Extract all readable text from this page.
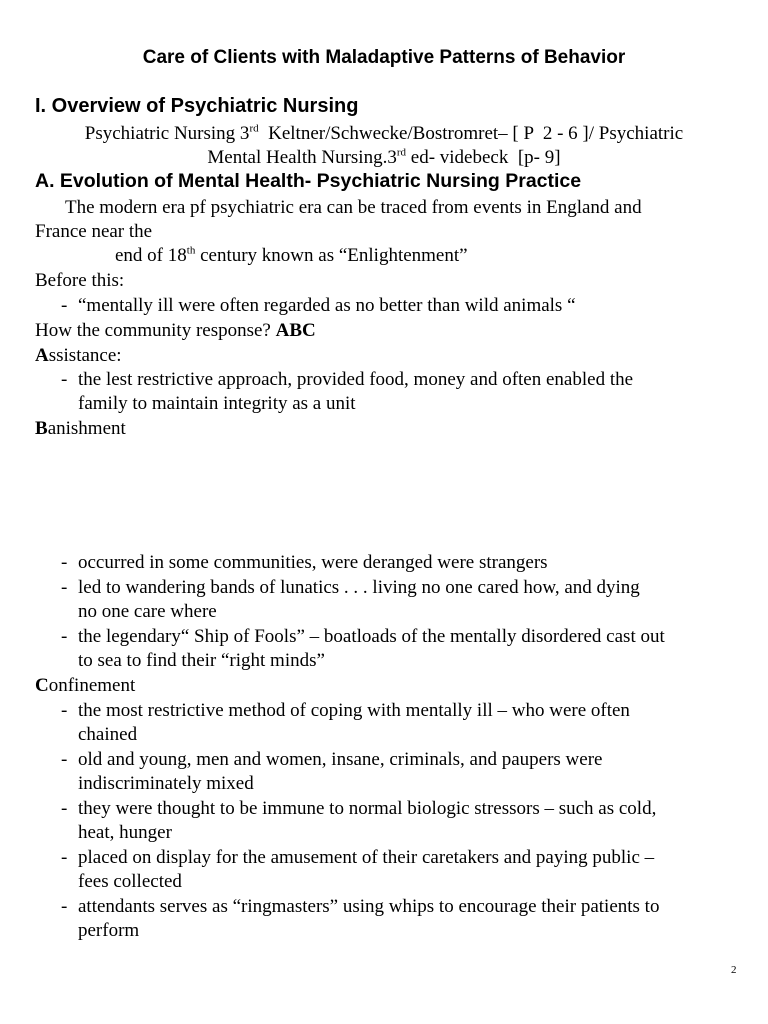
Care of Clients with Maladaptive Patterns of Behavior
I. Overview of Psychiatric Nursing
Psychiatric Nursing 3rd  Keltner/Schwecke/Bostromret– [ P  2 - 6 ]/ Psychiatric
Mental Health Nursing.3rd ed- videbeck  [p- 9]
A. Evolution of Mental Health- Psychiatric Nursing Practice
The modern era pf psychiatric era can be traced from events in England and
France near the
end of 18th century known as “Enlightenment”
Before this:
- “mentally ill were often regarded as no better than wild animals “
How the community response? ABC
Assistance:
- the lest restrictive approach, provided food, money and often enabled the
family to maintain integrity as a unit
Banishment
- occurred in some communities, were deranged were strangers
- led to wandering bands of lunatics . . . living no one cared how, and dying
no one care where
- the legendary“ Ship of Fools” – boatloads of the mentally disordered cast out
to sea to find their “right minds”
Confinement
- the most restrictive method of coping with mentally ill – who were often
chained
- old and young, men and women, insane, criminals, and paupers were
indiscriminately mixed
- they were thought to be immune to normal biologic stressors – such as cold,
heat, hunger
- placed on display for the amusement of their caretakers and paying public –
fees collected
- attendants serves as “ringmasters” using whips to encourage their patients to
perform
2
